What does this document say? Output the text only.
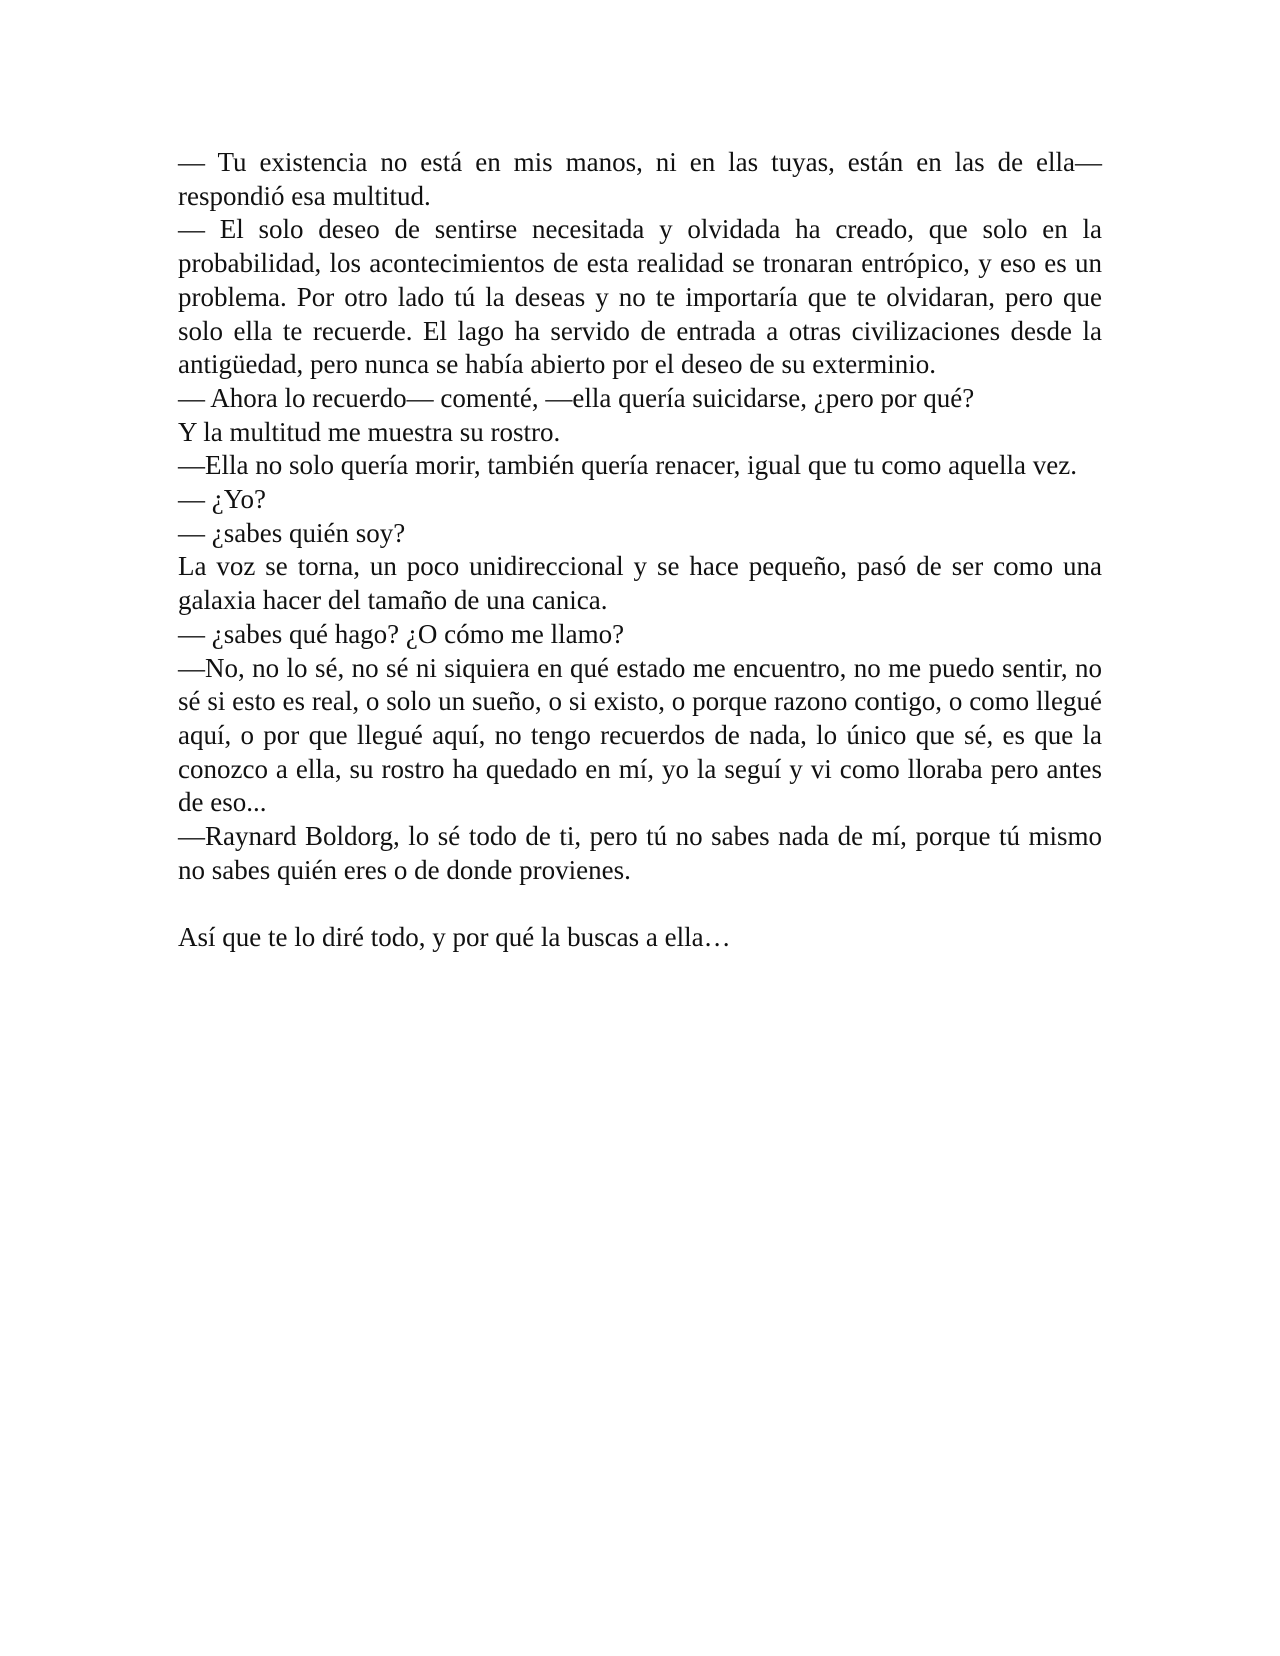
— Tu existencia no está en mis manos, ni en las tuyas, están en las de ella— respondió esa multitud.

— El solo deseo de sentirse necesitada y olvidada ha creado, que solo en la probabilidad, los acontecimientos de esta realidad se tronaran entrópico, y eso es un problema. Por otro lado tú la deseas y no te importaría que te olvidaran, pero que solo ella te recuerde. El lago ha servido de entrada a otras civilizaciones desde la antigüedad, pero nunca se había abierto por el deseo de su exterminio.

— Ahora lo recuerdo— comenté, —ella quería suicidarse, ¿pero por qué?

Y la multitud me muestra su rostro.

—Ella no solo quería morir, también quería renacer, igual que tu como aquella vez.

— ¿Yo?

— ¿sabes quién soy?

La voz se torna, un poco unidireccional y se hace pequeño, pasó de ser como una galaxia hacer del tamaño de una canica.

— ¿sabes qué hago? ¿O cómo me llamo?

—No, no lo sé, no sé ni siquiera en qué estado me encuentro, no me puedo sentir, no sé si esto es real, o solo un sueño, o si existo, o porque razono contigo, o como llegué aquí, o por que llegué aquí, no tengo recuerdos de nada, lo único que sé, es que la conozco a ella, su rostro ha quedado en mí, yo la seguí y vi como lloraba pero antes de eso...

—Raynard Boldorg, lo sé todo de ti, pero tú no sabes nada de mí, porque tú mismo no sabes quién eres o de donde provienes.

Así que te lo diré todo, y por qué la buscas a ella…
